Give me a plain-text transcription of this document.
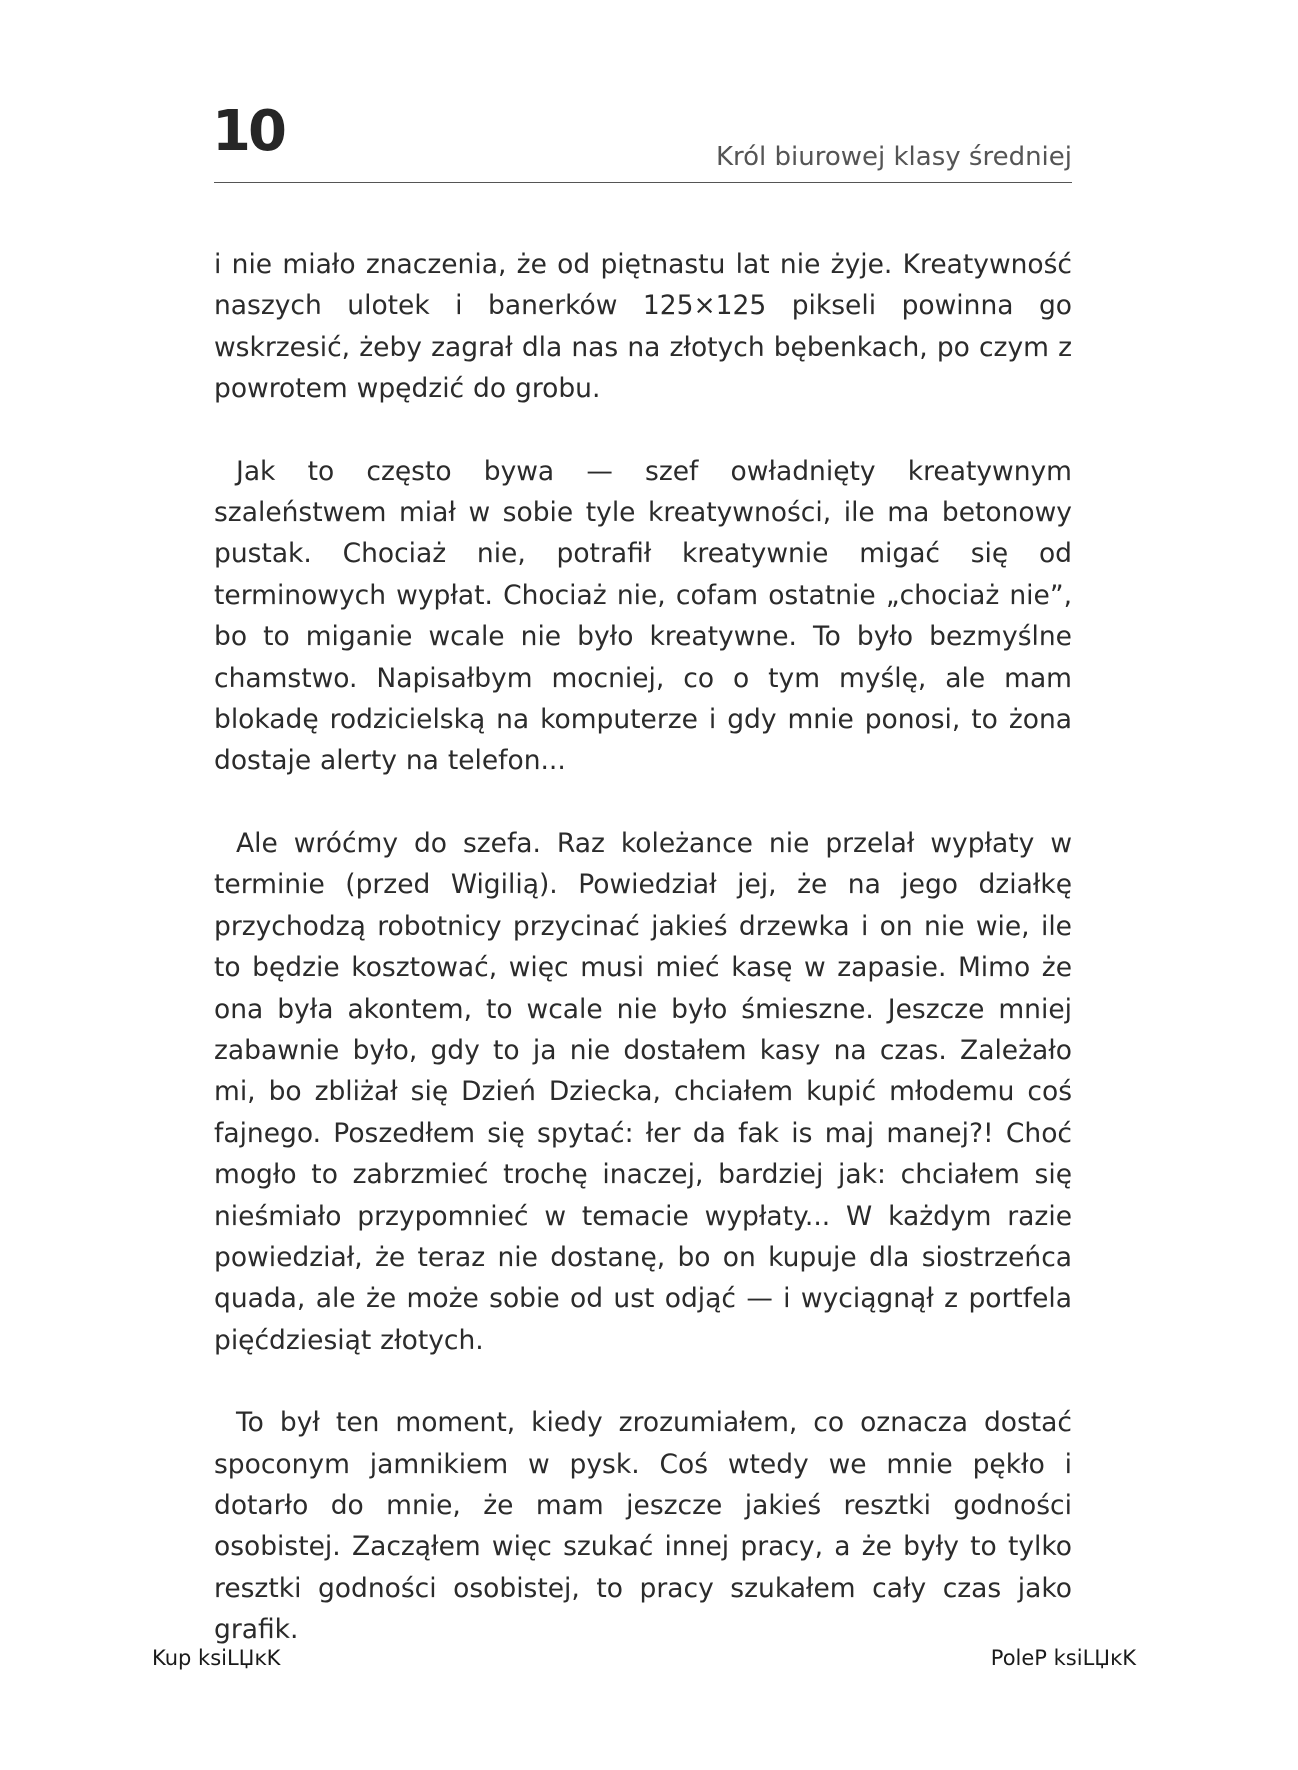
10	Król biurowej klasy średniej

i nie miało znaczenia, że od piętnastu lat nie żyje. Kreatywność naszych ulotek i banerków 125×125 pikseli powinna go wskrzesić, żeby zagrał dla nas na złotych bębenkach, po czym z powrotem wpędzić do grobu.

Jak to często bywa — szef owładnięty kreatywnym szaleństwem miał w sobie tyle kreatywności, ile ma betonowy pustak. Chociaż nie, potrafił kreatywnie migać się od terminowych wypłat. Chociaż nie, cofam ostatnie „chociaż nie”, bo to miganie wcale nie było kreatywne. To było bezmyślne chamstwo. Napisałbym mocniej, co o tym myślę, ale mam blokadę rodzicielską na komputerze i gdy mnie ponosi, to żona dostaje alerty na telefon...

Ale wróćmy do szefa. Raz koleżance nie przelał wypłaty w terminie (przed Wigilią). Powiedział jej, że na jego działkę przychodzą robotnicy przycinać jakieś drzewka i on nie wie, ile to będzie kosztować, więc musi mieć kasę w zapasie. Mimo że ona była akontem, to wcale nie było śmieszne. Jeszcze mniej zabawnie było, gdy to ja nie dostałem kasy na czas. Zależało mi, bo zbliżał się Dzień Dziecka, chciałem kupić młodemu coś fajnego. Poszedłem się spytać: łer da fak is maj manej?! Choć mogło to zabrzmieć trochę inaczej, bardziej jak: chciałem się nieśmiało przypomnieć w temacie wypłaty... W każdym razie powiedział, że teraz nie dostanę, bo on kupuje dla siostrzeńca quada, ale że może sobie od ust odjąć — i wyciągnął z portfela pięćdziesiąt złotych.

To był ten moment, kiedy zrozumiałem, co oznacza dostać spoconym jamnikiem w pysk. Coś wtedy we mnie pękło i dotarło do mnie, że mam jeszcze jakieś resztki godności osobistej. Zacząłem więc szukać innej pracy, a że były to tylko resztki godności osobistej, to pracy szukałem cały czas jako grafik.

Kup ksiLЏĸK	PoleP ksiLЏĸK
